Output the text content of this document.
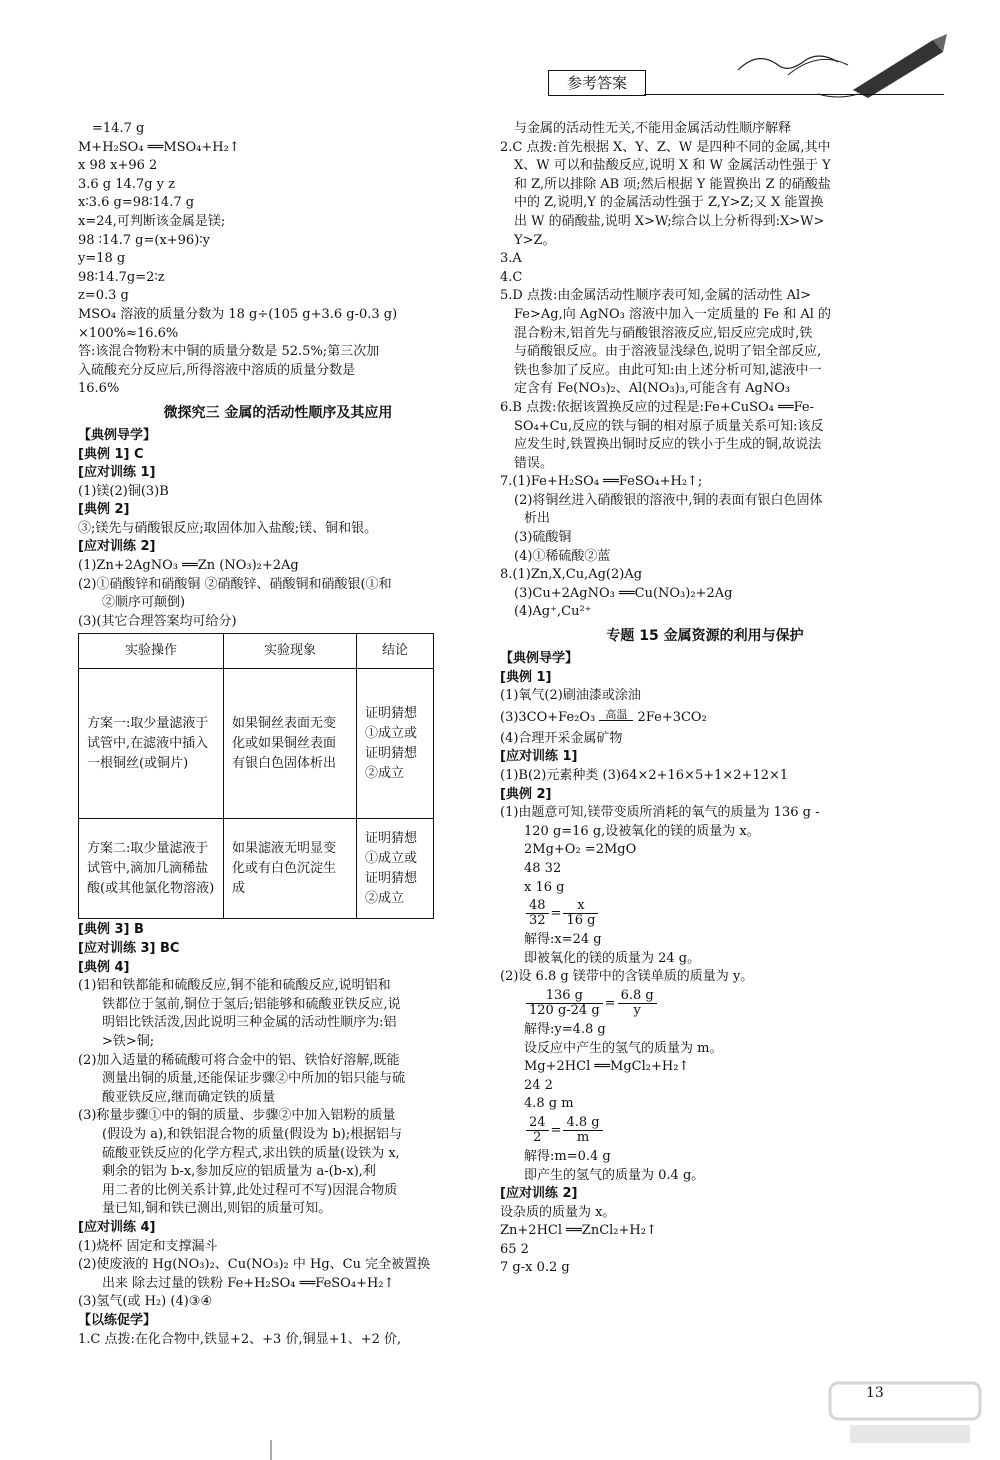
参考答案
=14.7 g
M+H₂SO₄ ══MSO₄+H₂↑
x 98 x+96 2
3.6 g 14.7g y z
x∶3.6 g=98∶14.7 g
x=24,可判断该金属是镁;
98 ∶14.7 g=(x+96)∶y
y=18 g
98∶14.7g=2∶z
z=0.3 g
MSO₄ 溶液的质量分数为 18 g÷(105 g+3.6 g-0.3 g)
×100%≈16.6%
答:该混合物粉末中铜的质量分数是 52.5%;第三次加
入硫酸充分反应后,所得溶液中溶质的质量分数是
16.6%
微探究三 金属的活动性顺序及其应用
【典例导学】
[典例 1] C
[应对训练 1]
(1)镁(2)铜(3)B
[典例 2]
③;镁先与硝酸银反应;取固体加入盐酸;镁、铜和银。
[应对训练 2]
(1)Zn+2AgNO₃ ══Zn (NO₃)₂+2Ag
(2)①硝酸锌和硝酸铜 ②硝酸锌、硝酸铜和硝酸银(①和
②顺序可颠倒)
(3)(其它合理答案均可给分)
实验操作	实验现象	结论
方案一:取少量滤液于试管中,在滤液中插入一根铜丝(或铜片)	如果铜丝表面无变化或如果铜丝表面有银白色固体析出	证明猜想①成立或证明猜想②成立
方案二:取少量滤液于试管中,滴加几滴稀盐酸(或其他氯化物溶液)	如果滤液无明显变化或有白色沉淀生成	证明猜想①成立或证明猜想②成立
[典例 3] B
[应对训练 3] BC
[典例 4]
(1)铝和铁都能和硫酸反应,铜不能和硫酸反应,说明铝和
铁都位于氢前,铜位于氢后;铝能够和硫酸亚铁反应,说
明铝比铁活泼,因此说明三种金属的活动性顺序为:铝
>铁>铜;
(2)加入适量的稀硫酸可将合金中的铝、铁恰好溶解,既能
测量出铜的质量,还能保证步骤②中所加的铝只能与硫
酸亚铁反应,继而确定铁的质量
(3)称量步骤①中的铜的质量、步骤②中加入铝粉的质量
(假设为 a),和铁铝混合物的质量(假设为 b);根据铝与
硫酸亚铁反应的化学方程式,求出铁的质量(设铁为 x,
剩余的铝为 b-x,参加反应的铝质量为 a-(b-x),利
用二者的比例关系计算,此处过程可不写)因混合物质
量已知,铜和铁已测出,则铝的质量可知。
[应对训练 4]
(1)烧杯 固定和支撑漏斗
(2)使废液的 Hg(NO₃)₂、Cu(NO₃)₂ 中 Hg、Cu 完全被置换
出来 除去过量的铁粉 Fe+H₂SO₄ ══FeSO₄+H₂↑
(3)氢气(或 H₂) (4)③④
【以练促学】
1.C 点拨:在化合物中,铁显+2、+3 价,铜显+1、+2 价,
与金属的活动性无关,不能用金属活动性顺序解释
2.C 点拨:首先根据 X、Y、Z、W 是四种不同的金属,其中
X、W 可以和盐酸反应,说明 X 和 W 金属活动性强于 Y
和 Z,所以排除 AB 项;然后根据 Y 能置换出 Z 的硝酸盐
中的 Z,说明,Y 的金属活动性强于 Z,Y>Z;又 X 能置换
出 W 的硝酸盐,说明 X>W;综合以上分析得到:X>W>
Y>Z。
3.A
4.C
5.D 点拨:由金属活动性顺序表可知,金属的活动性 Al>
Fe>Ag,向 AgNO₃ 溶液中加入一定质量的 Fe 和 Al 的
混合粉末,铝首先与硝酸银溶液反应,铝反应完成时,铁
与硝酸银反应。由于溶液显浅绿色,说明了铝全部反应,
铁也参加了反应。由此可知:由上述分析可知,滤液中一
定含有 Fe(NO₃)₂、Al(NO₃)₃,可能含有 AgNO₃
6.B 点拨:依据该置换反应的过程是:Fe+CuSO₄ ══Fe-
SO₄+Cu,反应的铁与铜的相对原子质量关系可知:该反
应发生时,铁置换出铜时反应的铁小于生成的铜,故说法
错误。
7.(1)Fe+H₂SO₄ ══FeSO₄+H₂↑;
(2)将铜丝进入硝酸银的溶液中,铜的表面有银白色固体
析出
(3)硫酸铜
(4)①稀硫酸②蓝
8.(1)Zn,X,Cu,Ag(2)Ag
(3)Cu+2AgNO₃ ══Cu(NO₃)₂+2Ag
(4)Ag⁺,Cu²⁺
专题 15 金属资源的利用与保护
【典例导学】
[典例 1]
(1)氧气(2)刷油漆或涂油
(3)3CO+Fe₂O₃ 高温 2Fe+3CO₂
(4)合理开采金属矿物
[应对训练 1]
(1)B(2)元素种类 (3)64×2+16×5+1×2+12×1
[典例 2]
(1)由题意可知,镁带变质所消耗的氧气的质量为 136 g -
120 g=16 g,设被氧化的镁的质量为 x。
2Mg+O₂ =2MgO
48 32
x 16 g
$\frac{48}{32} = \frac{x}{16 g}$
解得:x=24 g
即被氧化的镁的质量为 24 g。
(2)设 6.8 g 镁带中的含镁单质的质量为 y。
$\frac{136 g}{120 g-24 g} = \frac{6.8 g}{y}$
解得:y=4.8 g
设反应中产生的氢气的质量为 m。
Mg+2HCl ══MgCl₂+H₂↑
24 2
4.8 g m
$\frac{24}{2} = \frac{4.8 g}{m}$
解得:m=0.4 g
即产生的氢气的质量为 0.4 g。
[应对训练 2]
设杂质的质量为 x。
Zn+2HCl ══ZnCl₂+H₂↑
65 2
7 g-x 0.2 g
13
